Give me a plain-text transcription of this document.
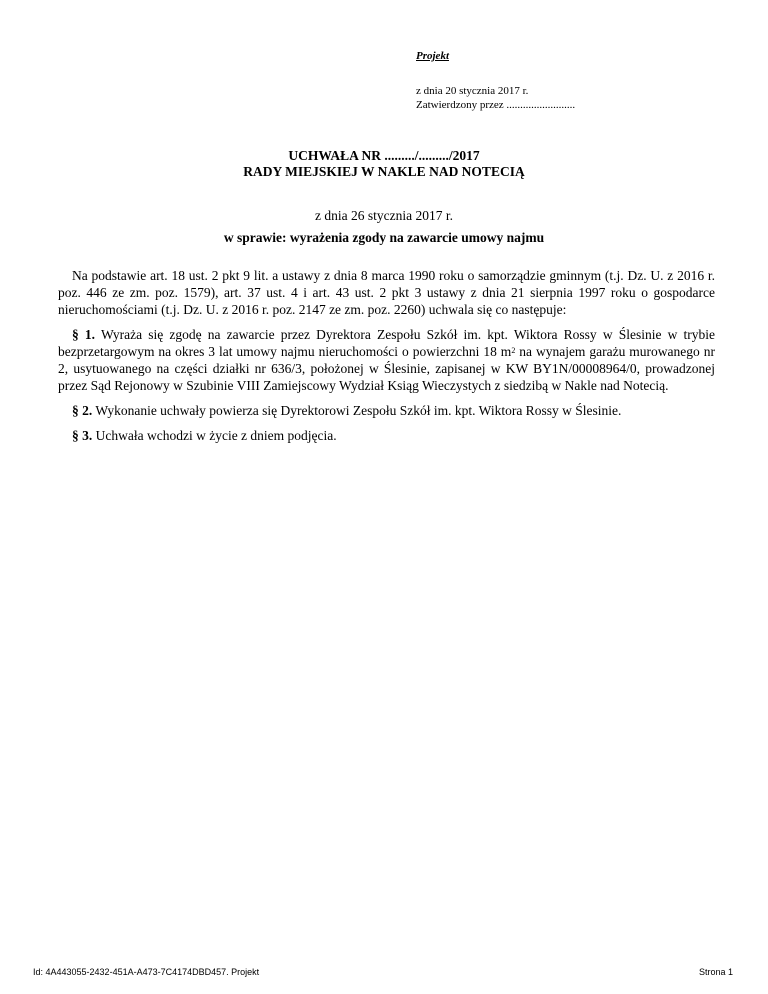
Projekt
z dnia 20 stycznia 2017 r.
Zatwierdzony przez .........................
UCHWAŁA NR ........./........./2017
RADY MIEJSKIEJ W NAKLE NAD NOTECIĄ
z dnia 26 stycznia 2017 r.
w sprawie: wyrażenia zgody na zawarcie umowy najmu

Na podstawie art. 18 ust. 2 pkt 9 lit. a ustawy z dnia 8 marca 1990 roku o samorządzie gminnym (t.j. Dz. U. z 2016 r. poz. 446 ze zm. poz. 1579), art. 37 ust. 4 i art. 43 ust. 2 pkt 3 ustawy z dnia 21 sierpnia 1997 roku o gospodarce nieruchomościami (t.j. Dz. U. z 2016 r. poz. 2147 ze zm. poz. 2260) uchwala się co następuje:

§ 1. Wyraża się zgodę na zawarcie przez Dyrektora Zespołu Szkół im. kpt. Wiktora Rossy w Ślesinie w trybie bezprzetargowym na okres 3 lat umowy najmu nieruchomości o powierzchni 18 $m^2$ na wynajem garażu murowanego nr 2, usytuowanego na części działki nr 636/3, położonej w Ślesinie, zapisanej w KW BY1N/00008964/0, prowadzonej przez Sąd Rejonowy w Szubinie VIII Zamiejscowy Wydział Ksiąg Wieczystych z siedzibą w Nakle nad Notecią.

§ 2. Wykonanie uchwały powierza się Dyrektorowi Zespołu Szkół im. kpt. Wiktora Rossy w Ślesinie.

§ 3. Uchwała wchodzi w życie z dniem podjęcia.

Id: 4A443055-2432-451A-A473-7C4174DBD457. Projekt	Strona 1
